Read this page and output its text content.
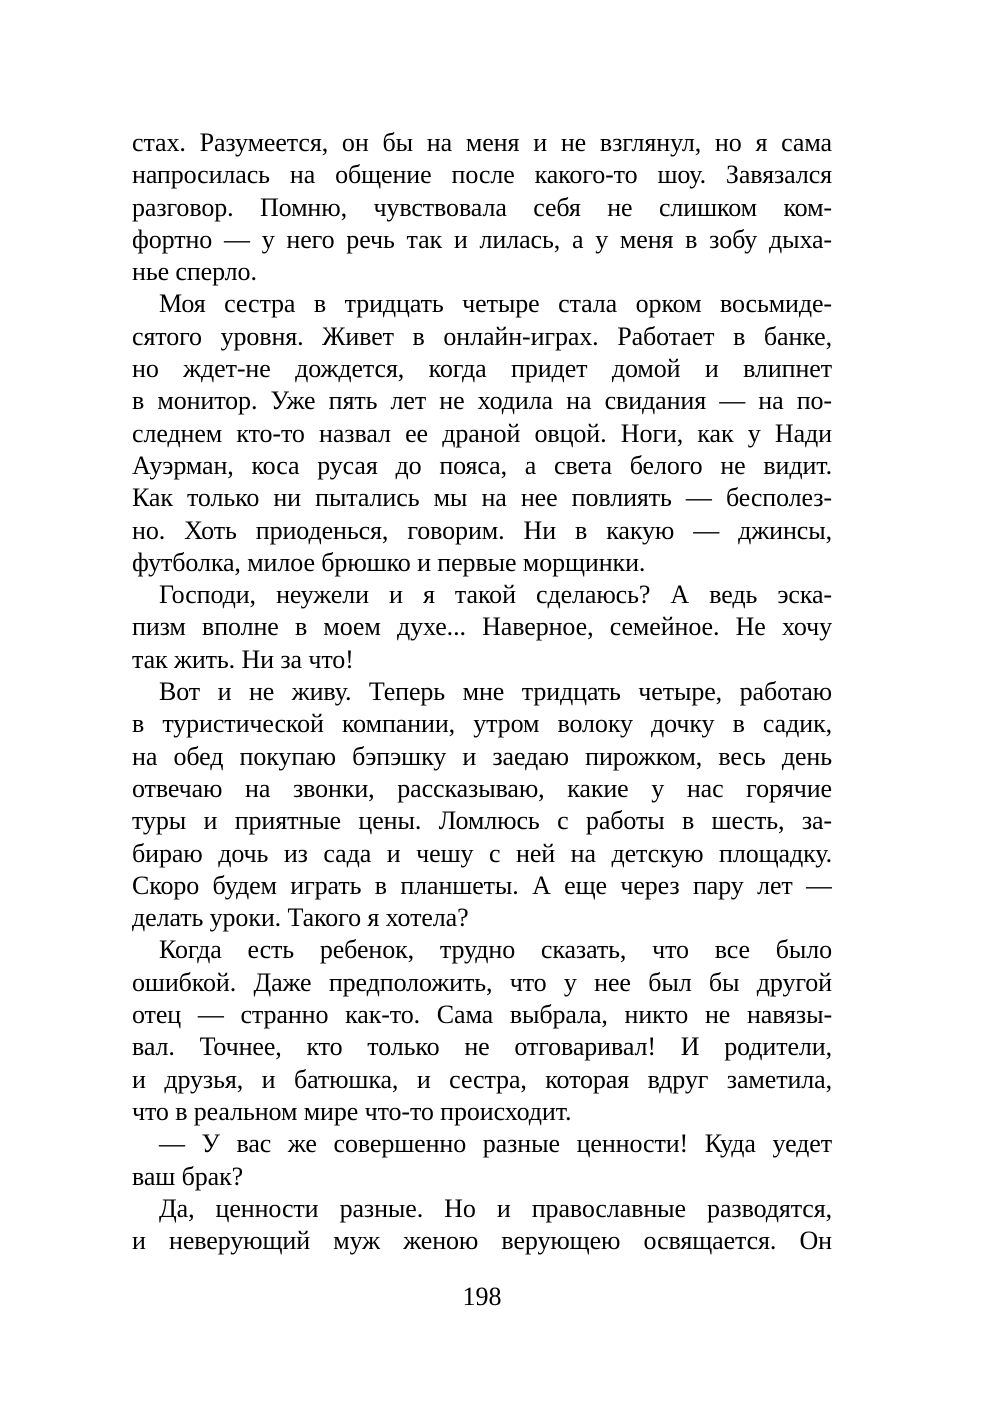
стах. Разумеется, он бы на меня и не взглянул, но я сама
напросилась на общение после какого-то шоу. Завязался
разговор. Помню, чувствовала себя не слишком ком-
фортно — у него речь так и лилась, а у меня в зобу дыха-
нье сперло.
Моя сестра в тридцать четыре стала орком восьмиде-
сятого уровня. Живет в онлайн-играх. Работает в банке,
но ждет-не дождется, когда придет домой и влипнет
в монитор. Уже пять лет не ходила на свидания — на по-
следнем кто-то назвал ее драной овцой. Ноги, как у Нади
Ауэрман, коса русая до пояса, а света белого не видит.
Как только ни пытались мы на нее повлиять — бесполез-
но. Хоть приоденься, говорим. Ни в какую — джинсы,
футболка, милое брюшко и первые морщинки.
Господи, неужели и я такой сделаюсь? А ведь эска-
пизм вполне в моем духе... Наверное, семейное. Не хочу
так жить. Ни за что!
Вот и не живу. Теперь мне тридцать четыре, работаю
в туристической компании, утром волоку дочку в садик,
на обед покупаю бэпэшку и заедаю пирожком, весь день
отвечаю на звонки, рассказываю, какие у нас горячие
туры и приятные цены. Ломлюсь с работы в шесть, за-
бираю дочь из сада и чешу с ней на детскую площадку.
Скоро будем играть в планшеты. А еще через пару лет —
делать уроки. Такого я хотела?
Когда есть ребенок, трудно сказать, что все было
ошибкой. Даже предположить, что у нее был бы другой
отец — странно как-то. Сама выбрала, никто не навязы-
вал. Точнее, кто только не отговаривал! И родители,
и друзья, и батюшка, и сестра, которая вдруг заметила,
что в реальном мире что-то происходит.
— У вас же совершенно разные ценности! Куда уедет
ваш брак?
Да, ценности разные. Но и православные разводятся,
и неверующий муж женою верующею освящается. Он
198
